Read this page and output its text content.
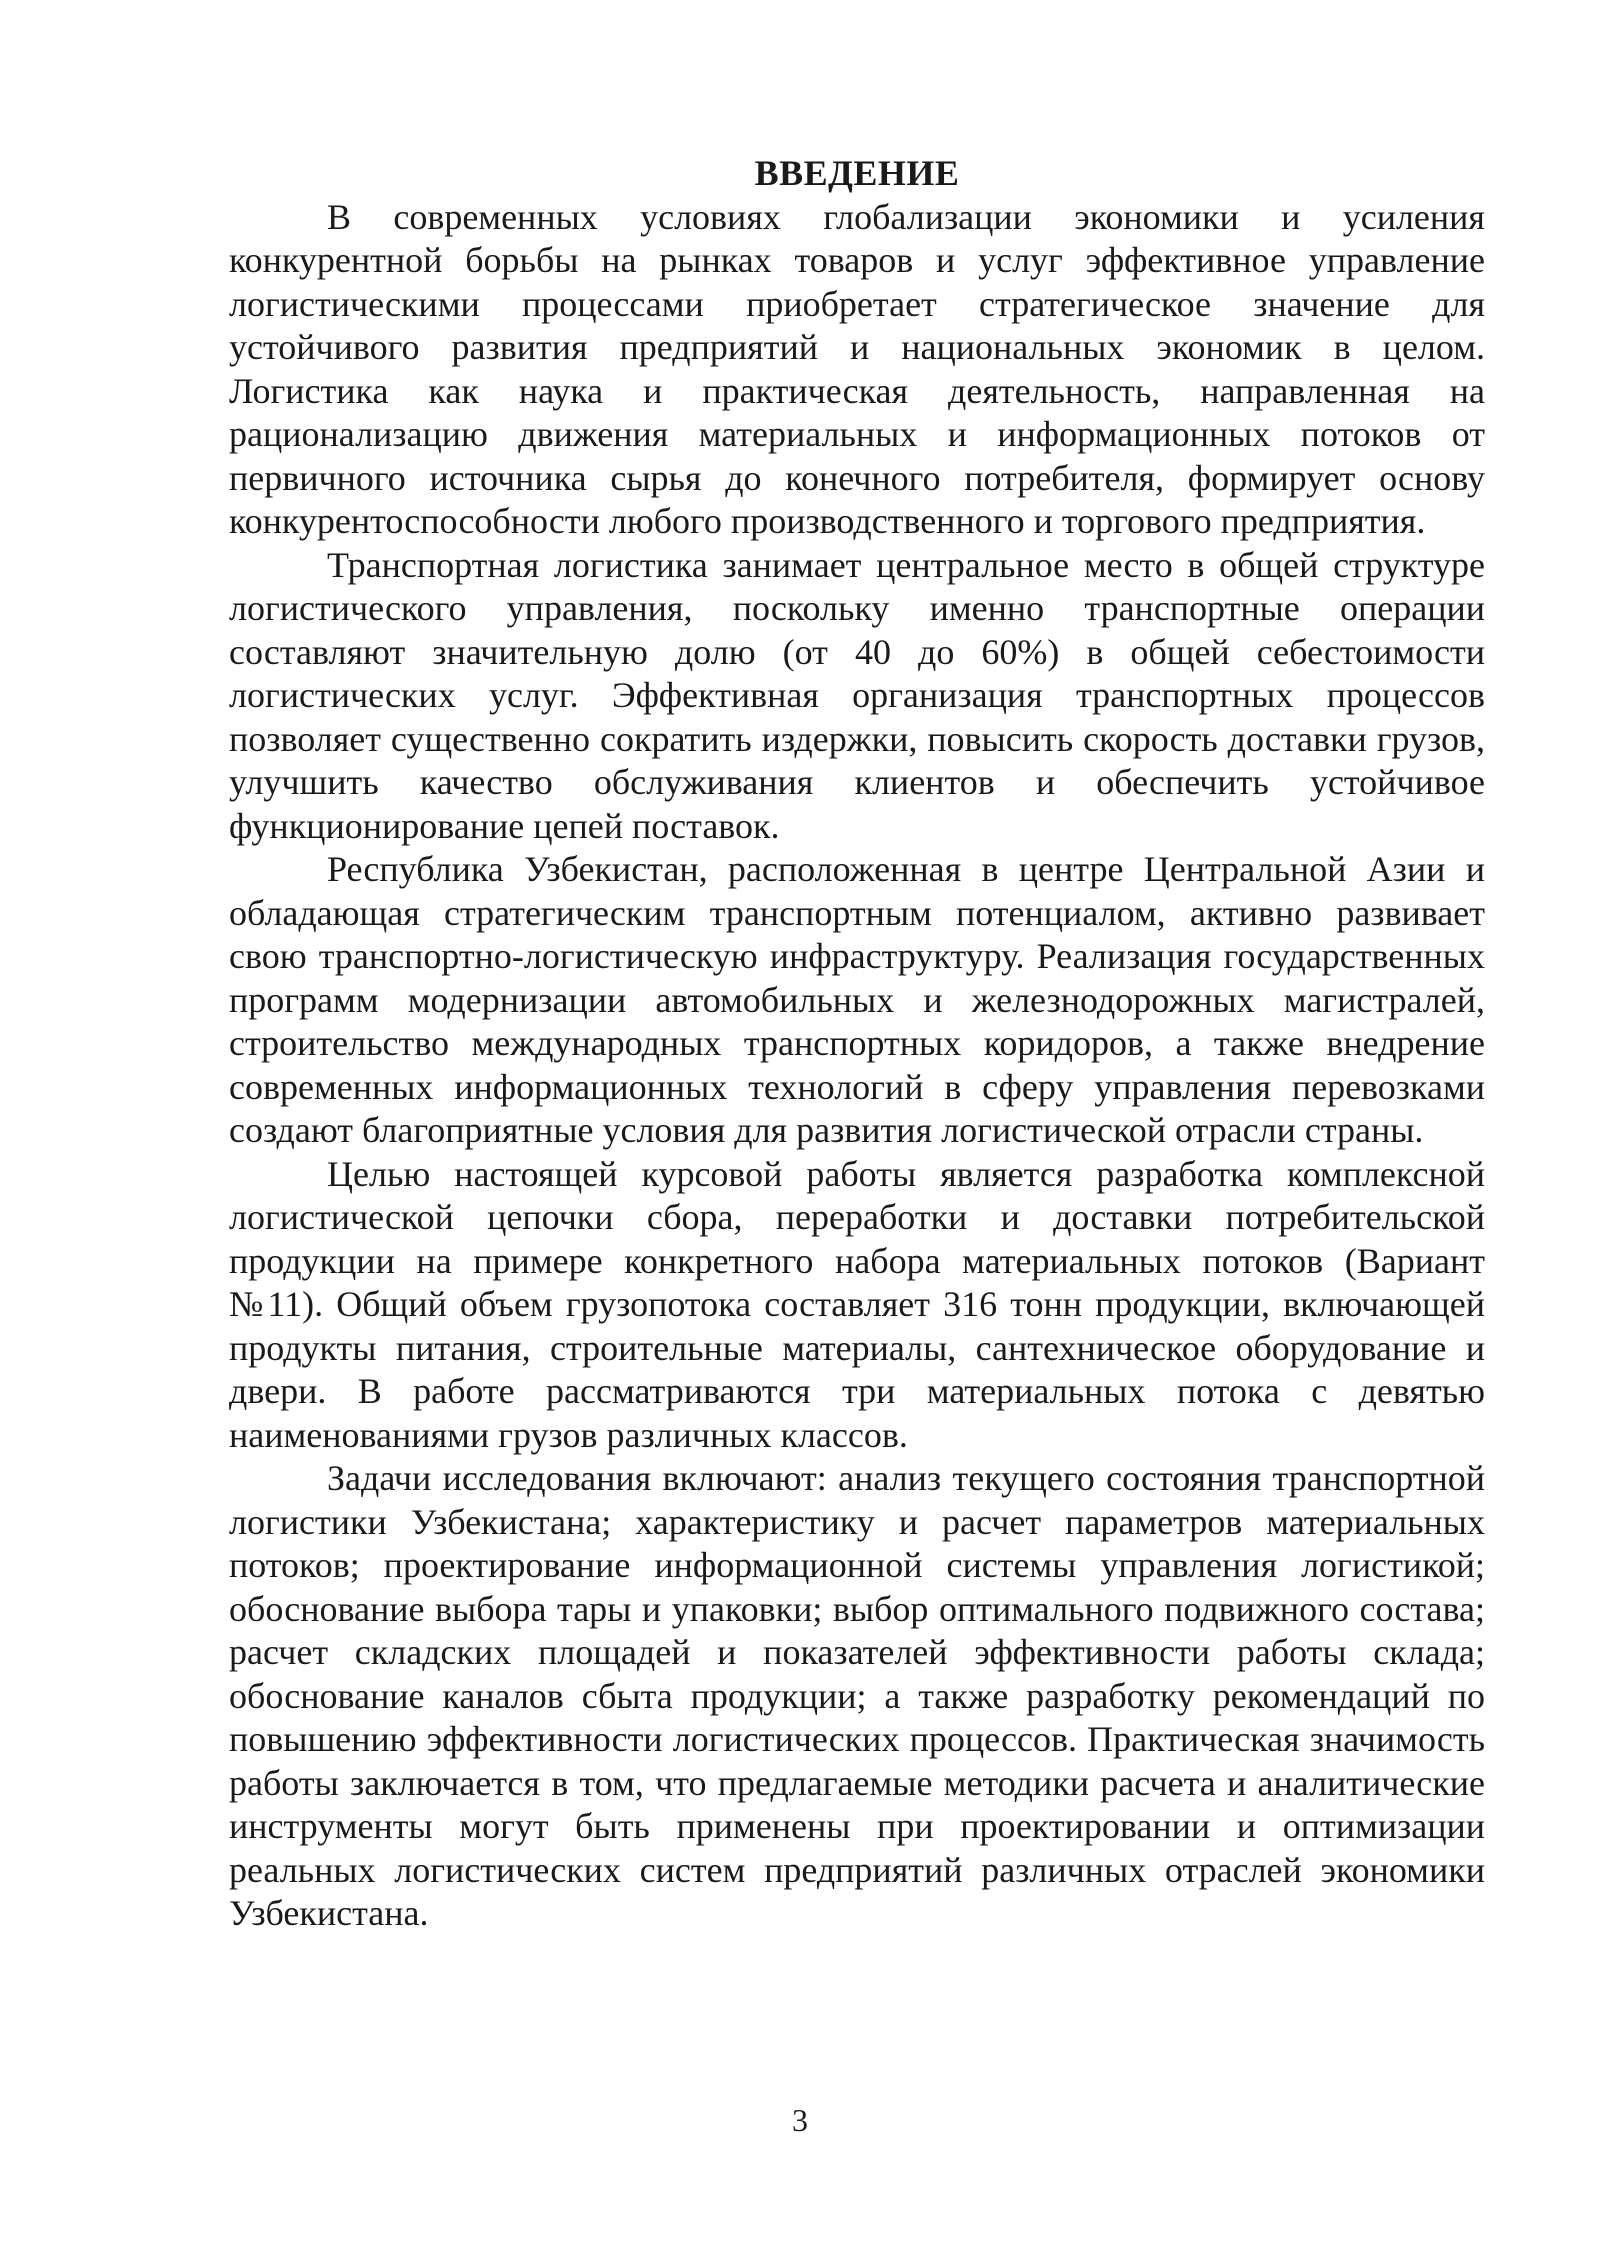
ВВЕДЕНИЕ

В современных условиях глобализации экономики и усиления конкурентной борьбы на рынках товаров и услуг эффективное управление логистическими процессами приобретает стратегическое значение для устойчивого развития предприятий и национальных экономик в целом. Логистика как наука и практическая деятельность, направленная на рационализацию движения материальных и информационных потоков от первичного источника сырья до конечного потребителя, формирует основу конкурентоспособности любого производственного и торгового предприятия.

Транспортная логистика занимает центральное место в общей структуре логистического управления, поскольку именно транспортные операции составляют значительную долю (от 40 до 60%) в общей себестоимости логистических услуг. Эффективная организация транспортных процессов позволяет существенно сократить издержки, повысить скорость доставки грузов, улучшить качество обслуживания клиентов и обеспечить устойчивое функционирование цепей поставок.

Республика Узбекистан, расположенная в центре Центральной Азии и обладающая стратегическим транспортным потенциалом, активно развивает свою транспортно-логистическую инфраструктуру. Реализация государственных программ модернизации автомобильных и железнодорожных магистралей, строительство международных транспортных коридоров, а также внедрение современных информационных технологий в сферу управления перевозками создают благоприятные условия для развития логистической отрасли страны.

Целью настоящей курсовой работы является разработка комплексной логистической цепочки сбора, переработки и доставки потребительской продукции на примере конкретного набора материальных потоков (Вариант №11). Общий объем грузопотока составляет 316 тонн продукции, включающей продукты питания, строительные материалы, сантехническое оборудование и двери. В работе рассматриваются три материальных потока с девятью наименованиями грузов различных классов.

Задачи исследования включают: анализ текущего состояния транспортной логистики Узбекистана; характеристику и расчет параметров материальных потоков; проектирование информационной системы управления логистикой; обоснование выбора тары и упаковки; выбор оптимального подвижного состава; расчет складских площадей и показателей эффективности работы склада; обоснование каналов сбыта продукции; а также разработку рекомендаций по повышению эффективности логистических процессов. Практическая значимость работы заключается в том, что предлагаемые методики расчета и аналитические инструменты могут быть применены при проектировании и оптимизации реальных логистических систем предприятий различных отраслей экономики Узбекистана.

3
